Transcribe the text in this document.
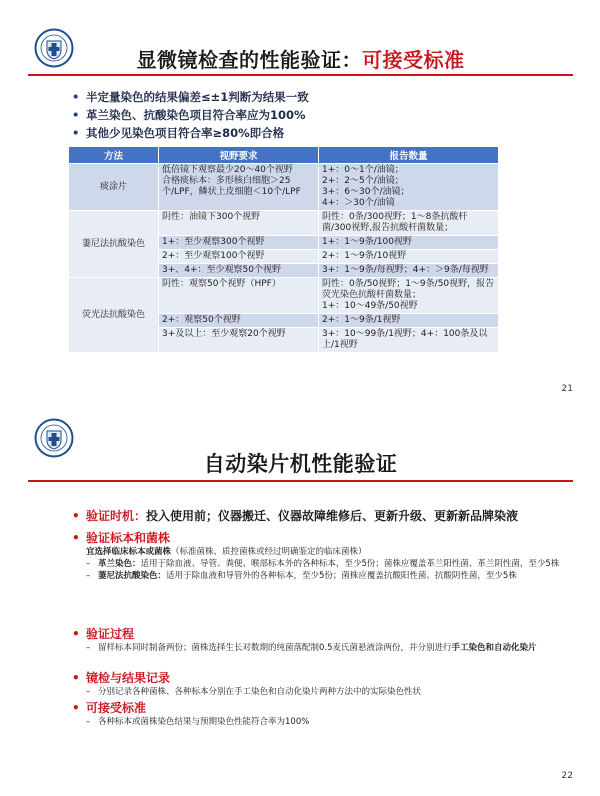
显微镜检查的性能验证：可接受标准
• 半定量染色的结果偏差≤±1判断为结果一致
• 革兰染色、抗酸染色项目符合率应为100%
• 其他少见染色项目符合率≥80%即合格
方法	视野要求	报告数量
痰涂片	低倍镜下观察最少20～40个视野
合格痰标本：多形核白细胞＞25个/LPF，鳞状上皮细胞＜10个/LPF	1+：0～1个/油镜；
2+：2～5个/油镜；
3+：6～30个/油镜；
4+：＞30个/油镜
萋尼法抗酸染色	阴性：油镜下300个视野	阴性：0条/300视野；1～8条抗酸杆菌/300视野,报告抗酸杆菌数量；
	1+：至少观察300个视野	1+：1～9条/100视野
	2+：至少观察100个视野	2+：1～9条/10视野
	3+、4+：至少观察50个视野	3+：1～9条/每视野；4+：＞9条/每视野
荧光法抗酸染色	阴性：观察50个视野（HPF）	阴性：0条/50视野；1～9条/50视野，报告荧光染色抗酸杆菌数量；
1+：10～49条/50视野
	2+：观察50个视野	2+：1～9条/1视野
	3+及以上：至少观察20个视野	3+：10～99条/1视野；4+：100条及以上/1视野
21
自动染片机性能验证
• 验证时机：投入使用前；仪器搬迁、仪器故障维修后、更新升级、更新新品牌染液
• 验证标本和菌株
宜选择临床标本或菌株（标准菌株、质控菌株或经过明确鉴定的临床菌株）
– 革兰染色：适用于除血液、导管、粪便、喉部标本外的各种标本，至少5份；菌株应覆盖革兰阳性菌、革兰阴性菌，至少5株
– 萋尼法抗酸染色：适用于除血液和导管外的各种标本，至少5份；菌株应覆盖抗酸阳性菌、抗酸阴性菌，至少5株
• 验证过程
– 留样标本同时制备两份；菌株选择生长对数期的纯菌落配制0.5麦氏菌悬液涂两份，并分别进行手工染色和自动化染片
• 镜检与结果记录
– 分别记录各种菌株、各种标本分别在手工染色和自动化染片两种方法中的实际染色性状
• 可接受标准
– 各种标本或菌株染色结果与预期染色性能符合率为100%
22
